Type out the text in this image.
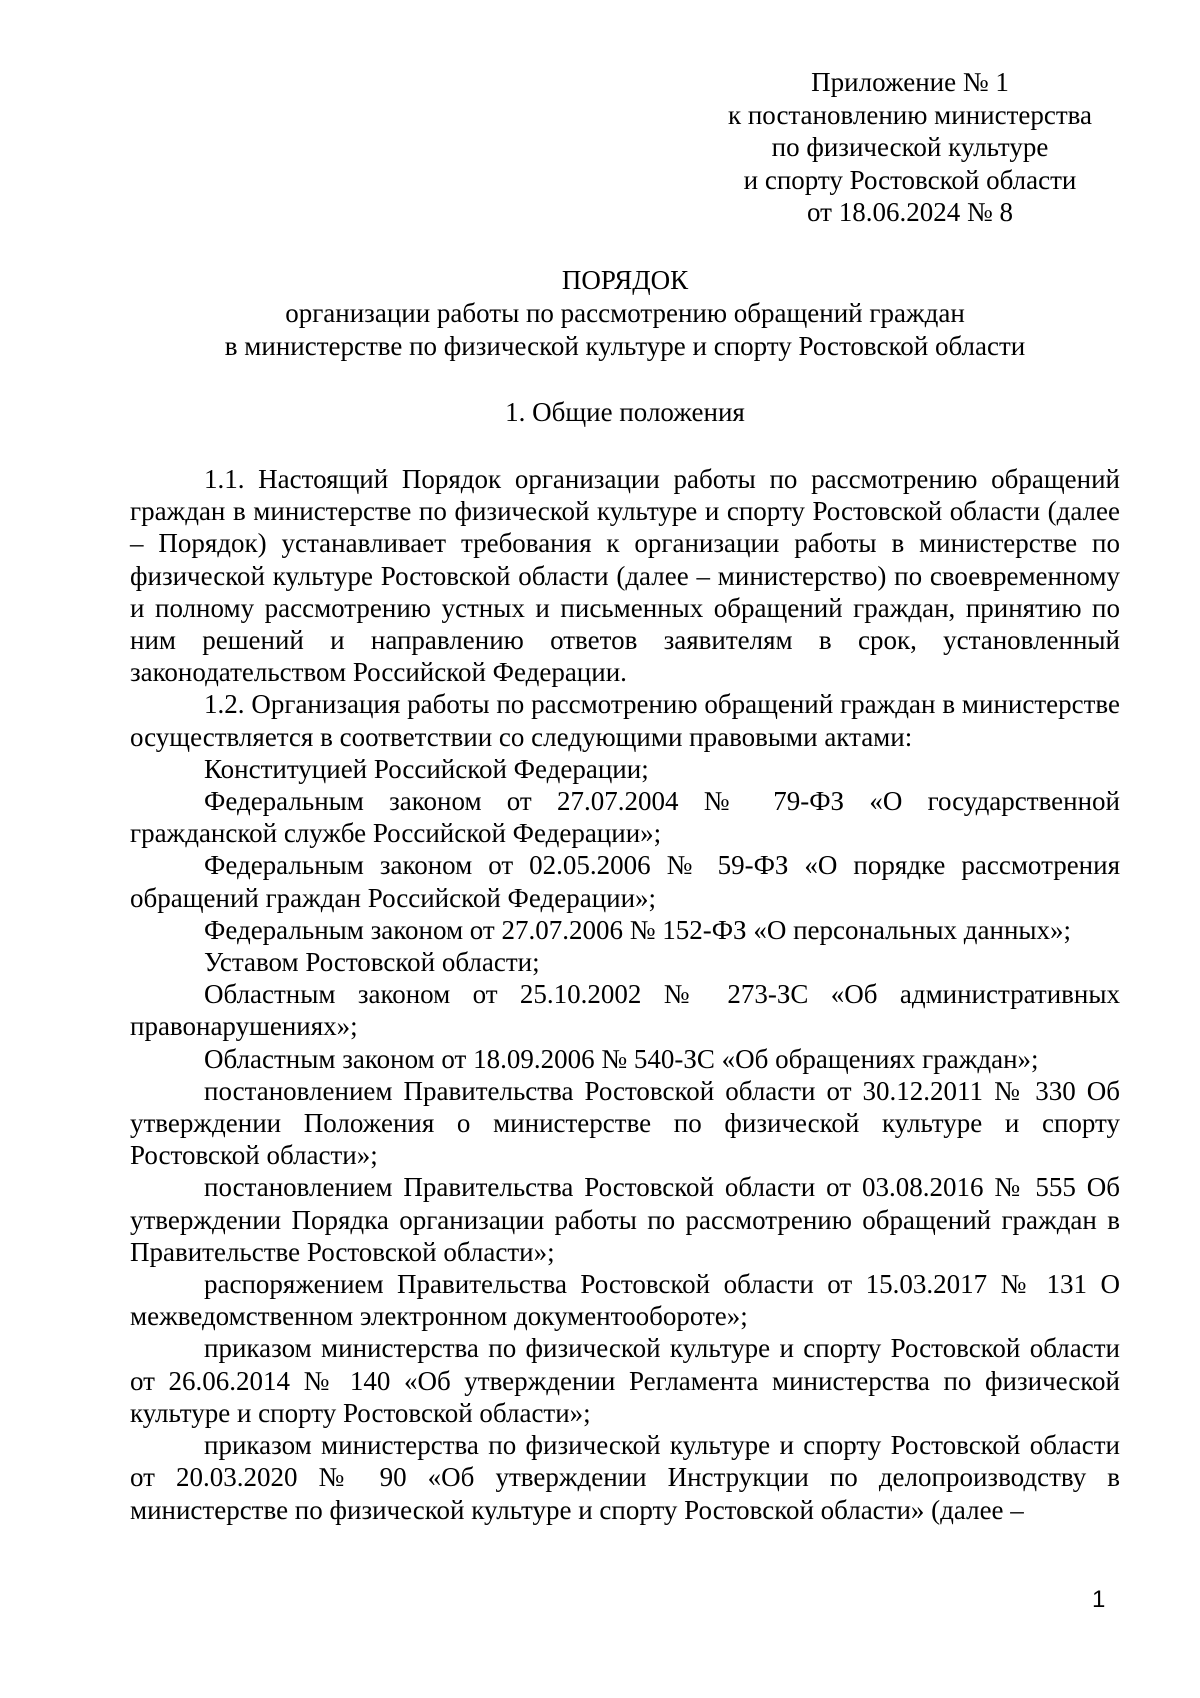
Приложение № 1
к постановлению министерства
по физической культуре
и спорту Ростовской области
от 18.06.2024 № 8
ПОРЯДОК
организации работы по рассмотрению обращений граждан
в министерстве по физической культуре и спорту Ростовской области
1. Общие положения

1.1. Настоящий Порядок организации работы по рассмотрению обращений граждан в министерстве по физической культуре и спорту Ростовской области (далее – Порядок) устанавливает требования к организации работы в министерстве по физической культуре Ростовской области (далее – министерство) по своевременному и полному рассмотрению устных и письменных обращений граждан, принятию по ним решений и направлению ответов заявителям в срок, установленный законодательством Российской Федерации.

1.2. Организация работы по рассмотрению обращений граждан в министерстве осуществляется в соответствии со следующими правовыми актами:

Конституцией Российской Федерации;

Федеральным законом от 27.07.2004 № 79-ФЗ «О государственной гражданской службе Российской Федерации»;

Федеральным законом от 02.05.2006 № 59-ФЗ «О порядке рассмотрения обращений граждан Российской Федерации»;

Федеральным законом от 27.07.2006 № 152-ФЗ «О персональных данных»;

Уставом Ростовской области;

Областным законом от 25.10.2002 № 273-ЗС «Об административных правонарушениях»;

Областным законом от 18.09.2006 № 540-ЗС «Об обращениях граждан»;

постановлением Правительства Ростовской области от 30.12.2011 № 330 Об утверждении Положения о министерстве по физической культуре и спорту Ростовской области»;

постановлением Правительства Ростовской области от 03.08.2016 № 555 Об утверждении Порядка организации работы по рассмотрению обращений граждан в Правительстве Ростовской области»;

распоряжением Правительства Ростовской области от 15.03.2017 № 131 О межведомственном электронном документообороте»;

приказом министерства по физической культуре и спорту Ростовской области от 26.06.2014 № 140 «Об утверждении Регламента министерства по физической культуре и спорту Ростовской области»;

приказом министерства по физической культуре и спорту Ростовской области от 20.03.2020 № 90 «Об утверждении Инструкции по делопроизводству в министерстве по физической культуре и спорту Ростовской области» (далее –

1
